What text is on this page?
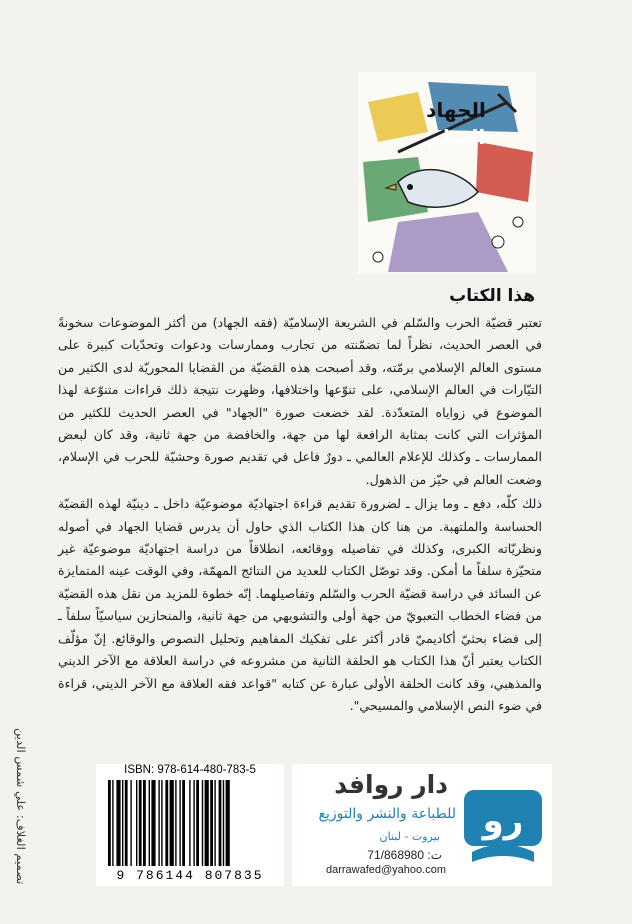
الجهاد
السلم
هذا الكتاب

تعتبر قضيّة الحرب والسّلم في الشريعة الإسلاميّة (فقه الجهاد) من أكثر الموضوعات سخونةً في العصر الحديث، نظراً لما تضمّنته من تجارب وممارسات ودعوات وتحدّيات كبيرة على مستوى العالم الإسلامي برمّته، وقد أصبحت هذه القضيّة من القضايا المحوريّة لدى الكثير من التيّارات في العالم الإسلامي، على تنوّعها واختلافها، وظهرت نتيجة ذلك قراءات متنوّعة لهذا الموضوع في زواياه المتعدّدة. لقد خضعت صورة "الجهاد" في العصر الحديث للكثير من المؤثرات التي كانت بمثابة الرافعة لها من جهة، والخافضة من جهة ثانية، وقد كان لبعض الممارسات ـ وكذلك للإعلام العالمي ـ دورٌ فاعل في تقديم صورة وحشيّة للحرب في الإسلام، وضعت العالم في حيّز من الذهول.

ذلك كلّه، دفع ـ وما يزال ـ لضرورة تقديم قراءة اجتهاديّة موضوعيّة داخل ـ دينيّة لهذه القضيّة الحساسة والملتهبة. من هنا كان هذا الكتاب الذي حاول أن يدرس قضايا الجهاد في أصوله ونظريّاته الكبرى، وكذلك في تفاصيله ووقائعه، انطلاقاً من دراسة اجتهاديّة موضوعيّة غير متحيّزة سلفاً ما أمكن. وقد توصّل الكتاب للعديد من النتائج المهمّة، وفي الوقت عينه المتمايزة عن السائد في دراسة قضيّة الحرب والسّلم وتفاصيلهما. إنّه خطوة للمزيد من نقل هذه القضيّة من فضاء الخطاب التعبويّ من جهة أولى والتشويهي من جهة ثانية، والمنحازين سياسيّاً سلفاً ـ إلى فضاء بحثيّ أكاديميّ قادر أكثر على تفكيك المفاهيم وتحليل النصوص والوقائع. إنّ مؤلّف الكتاب يعتبر أنّ هذا الكتاب هو الحلقة الثانية من مشروعه في دراسة العلاقة مع الآخر الديني والمذهبي، وقد كانت الحلقة الأولى عبارة عن كتابه "قواعد فقه العلاقة مع الآخر الديني، قراءة في ضوء النص الإسلامي والمسيحي".

تصميم الغلاف: علي شمس الدين	ISBN: 978-614-480-783-5
9 786144 807835
دار روافد
للطباعة والنشر والتوزيع
بيروت - لبنان
ت: 71/868980
darrawafed@yahoo.com
رو
